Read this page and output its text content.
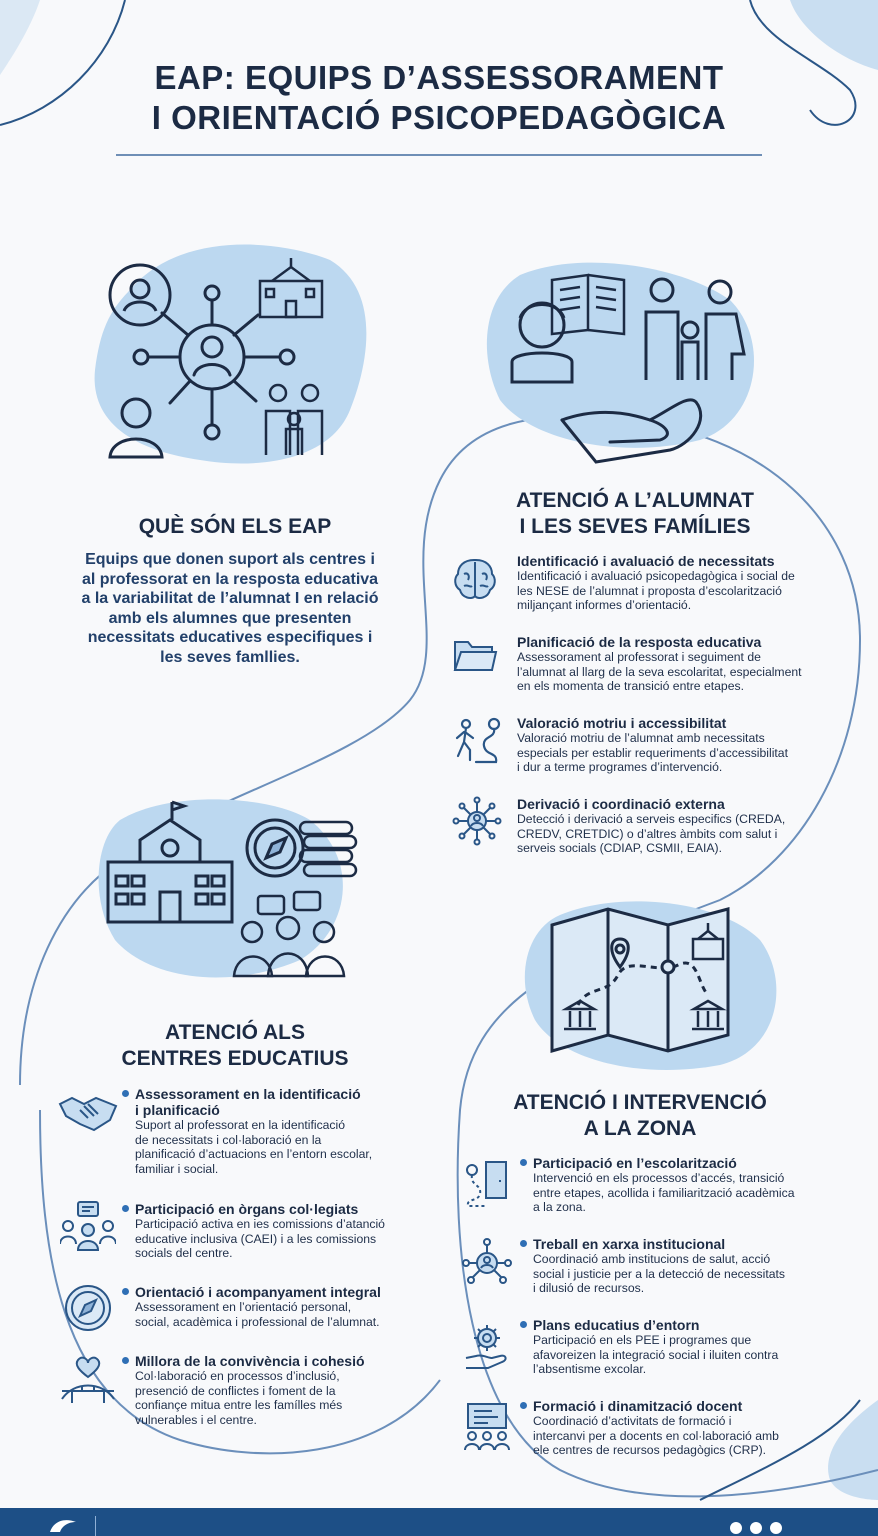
EAP: EQUIPS D’ASSESSORAMENT
I ORIENTACIÓ PSICOPEDAGÒGICA
QUÈ SÓN ELS EAP
Equips que donen suport als centres i
al professorat en la resposta educativa
a la variabilitat de l’alumnat I en relació
amb els alumnes que presenten
necessitats educatives especifiques i
les seves famllies.
ATENCIÓ A L’ALUMNAT
I LES SEVES FAMÍLIES
Identificació i avaluació de necessitats
Identificació i avaluació psicopedagògica i social de
les NESE de l’alumnat i proposta d’escolarització
miljançant informes d’orientació.
Planificació de la resposta educativa
Assessorament al professorat i seguiment de
l’alumnat al llarg de la seva escolaritat, especialment
en els momenta de transició entre etapes.
Valoració motriu i accessibilitat
Valoració motriu de l’alumnat amb necessitats
especials per establir requeriments d’accessibilitat
i dur a terme programes d’intervenció.
Derivació i coordinació externa
Detecció i derivació a serveis especifics (CREDA,
CREDV, CRETDIC) o d’altres àmbits com salut i
serveis socials (CDIAP, CSMII, EAIA).
ATENCIÓ ALS
CENTRES EDUCATIUS
Assessorament en la identificació
i planificació
Suport al professorat en la identificació
de necessitats i col·laboració en la
planificació d’actuacions en l’entorn escolar,
familiar i social.
Participació en òrgans col·legiats
Participació activa en ies comissions d’atanció
educative inclusiva (CAEI) i a les comissions
socials del centre.
Orientació i acompanyament integral
Assessorament en l’orientació personal,
social, acadèmica i professional de l’alumnat.
Millora de la convivència i cohesió
Col·laboració en processos d’inclusió,
presenció de conflictes i foment de la
confiançe mitua entre les famílles més
vulnerables i el centre.
ATENCIÓ I INTERVENCIÓ
A LA ZONA
Participació en l’escolarització
Intervenció en els processos d’accés, transició
entre etapes, acollida i familiarització acadèmica
a la zona.
Treball en xarxa institucional
Coordinació amb institucions de salut, acció
social i justicie per a la detecció de necessitats
i dilusió de recursos.
Plans educatius d’entorn
Participació en els PEE i programes que
afavoreizen la integració social i iluiten contra
l’absentisme excolar.
Formació i dinamització docent
Coordinació d’activitats de formació i
intercanvi per a docents en col·laboració amb
ele centres de recursos pedagògics (CRP).
